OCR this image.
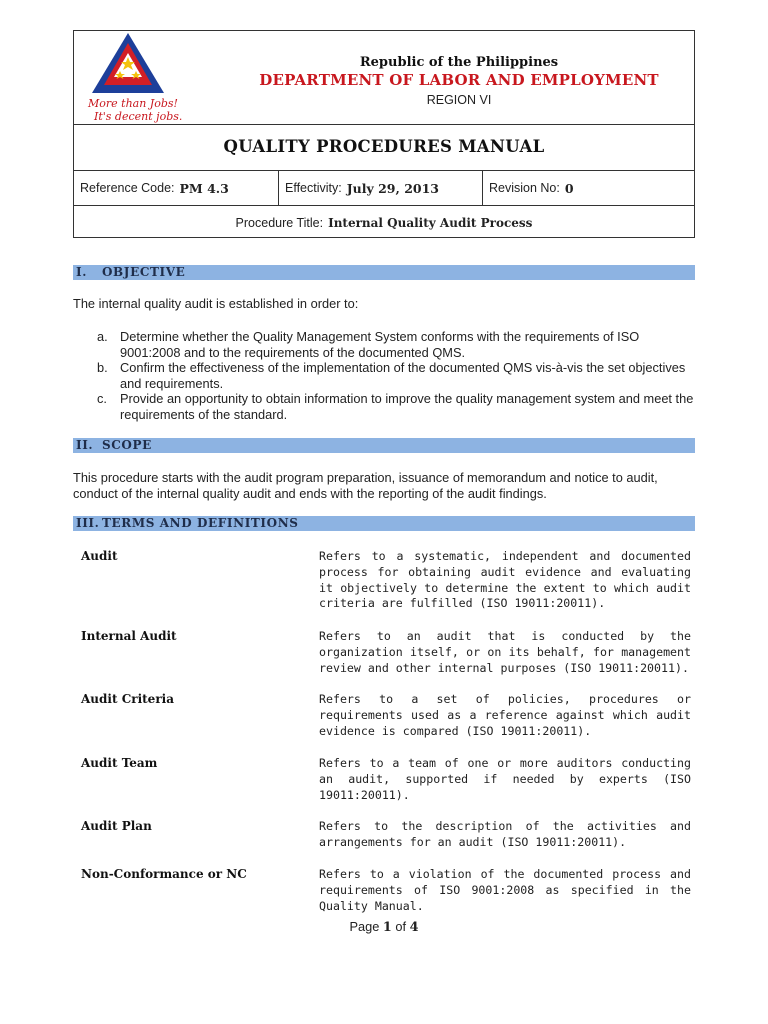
More than Jobs!
It's decent jobs.
Republic of the Philippines
DEPARTMENT OF LABOR AND EMPLOYMENT
REGION VI
QUALITY PROCEDURES MANUAL
Reference Code: PM 4.3	Effectivity: July 29, 2013	Revision No: 0
Procedure Title: Internal Quality Audit Process
I. OBJECTIVE
The internal quality audit is established in order to:
a. Determine whether the Quality Management System conforms with the requirements of ISO 9001:2008 and to the requirements of the documented QMS.
b. Confirm the effectiveness of the implementation of the documented QMS vis-à-vis the set objectives and requirements.
c. Provide an opportunity to obtain information to improve the quality management system and meet the requirements of the standard.
II. SCOPE
This procedure starts with the audit program preparation, issuance of memorandum and notice to audit, conduct of the internal quality audit and ends with the reporting of the audit findings.
III. TERMS AND DEFINITIONS
Audit	Refers to a systematic, independent and documented process for obtaining audit evidence and evaluating it objectively to determine the extent to which audit criteria are fulfilled (ISO 19011:20011).
Internal Audit	Refers to an audit that is conducted by the organization itself, or on its behalf, for management review and other internal purposes (ISO 19011:20011).
Audit Criteria	Refers to a set of policies, procedures or requirements used as a reference against which audit evidence is compared (ISO 19011:20011).
Audit Team	Refers to a team of one or more auditors conducting an audit, supported if needed by experts (ISO 19011:20011).
Audit Plan	Refers to the description of the activities and arrangements for an audit (ISO 19011:20011).
Non-Conformance or NC	Refers to a violation of the documented process and requirements of ISO 9001:2008 as specified in the Quality Manual.
Page 1 of 4
